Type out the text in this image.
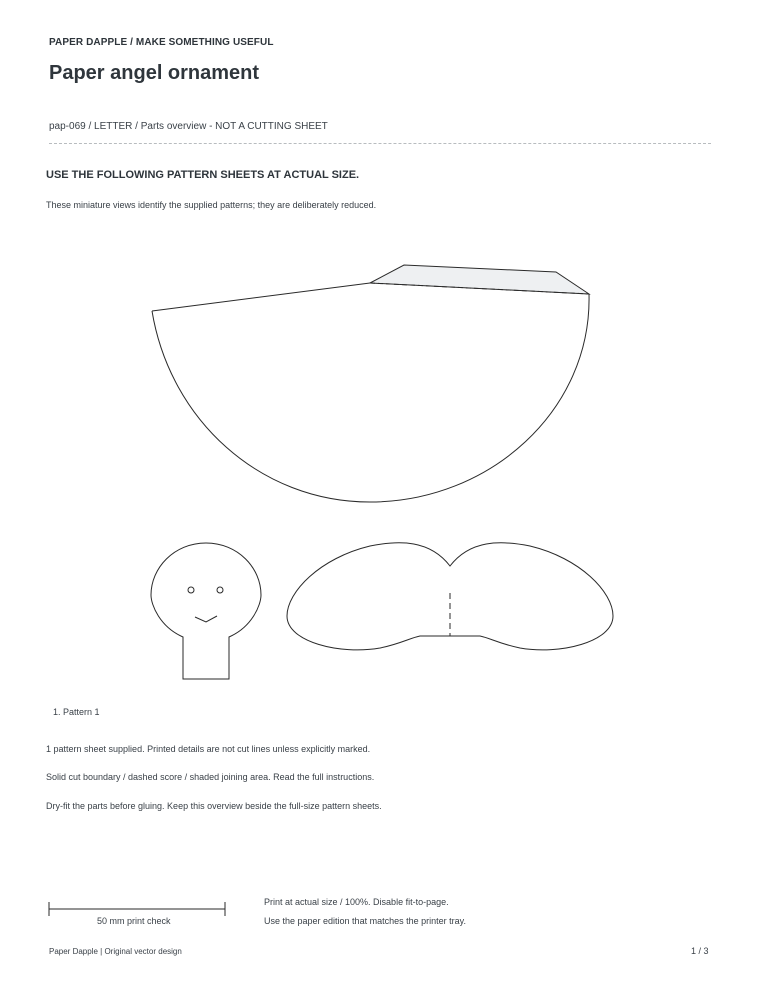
PAPER DAPPLE / MAKE SOMETHING USEFUL

Paper angel ornament

pap-069 / LETTER / Parts overview - NOT A CUTTING SHEET

USE THE FOLLOWING PATTERN SHEETS AT ACTUAL SIZE.

These miniature views identify the supplied patterns; they are deliberately reduced.

1. Pattern 1

1 pattern sheet supplied. Printed details are not cut lines unless explicitly marked.

Solid cut boundary / dashed score / shaded joining area. Read the full instructions.

Dry-fit the parts before gluing. Keep this overview beside the full-size pattern sheets.

50 mm print check

Print at actual size / 100%. Disable fit-to-page.

Use the paper edition that matches the printer tray.

Paper Dapple | Original vector design	1 / 3
